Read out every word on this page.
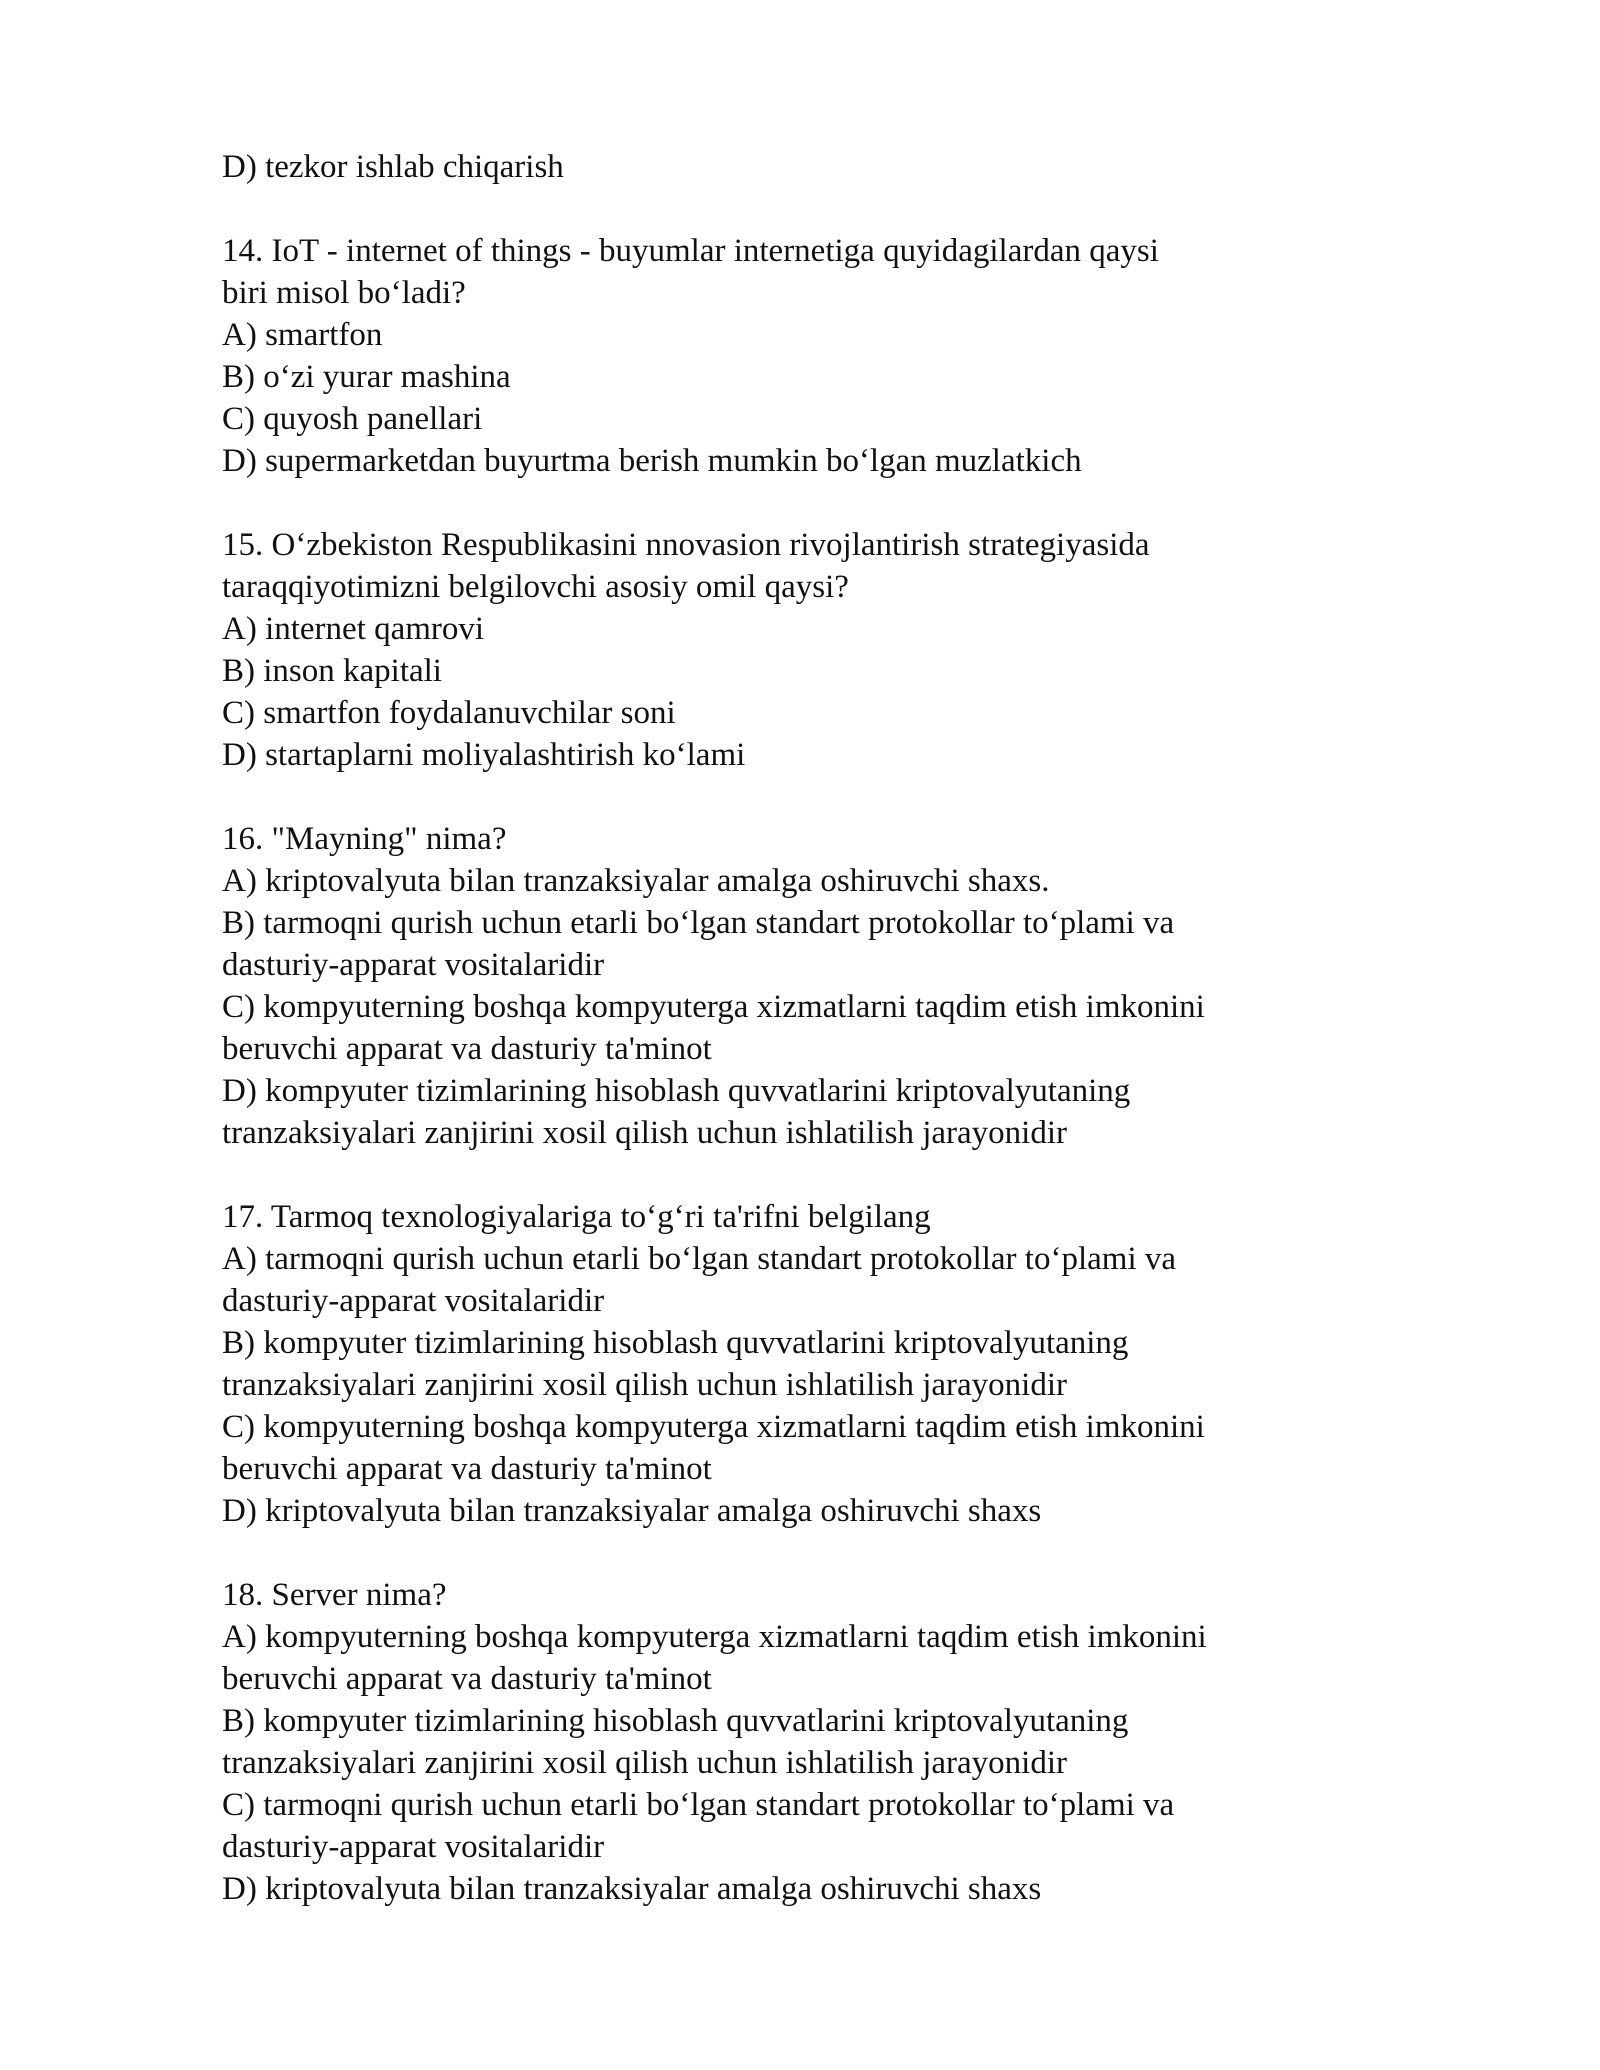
D) tezkor ishlab chiqarish
14. IoT - internet of things - buyumlar internetiga quyidagilardan qaysi
biri misol bo‘ladi?
A) smartfon
B) o‘zi yurar mashina
C) quyosh panellari
D) supermarketdan buyurtma berish mumkin bo‘lgan muzlatkich
15. O‘zbekiston Respublikasini nnovasion rivojlantirish strategiyasida
taraqqiyotimizni belgilovchi asosiy omil qaysi?
A) internet qamrovi
B) inson kapitali
C) smartfon foydalanuvchilar soni
D) startaplarni moliyalashtirish ko‘lami
16. "Mayning" nima?
A) kriptovalyuta bilan tranzaksiyalar amalga oshiruvchi shaxs.
B) tarmoqni qurish uchun etarli bo‘lgan standart protokollar to‘plami va
dasturiy-apparat vositalaridir
C) kompyuterning boshqa kompyuterga xizmatlarni taqdim etish imkonini
beruvchi apparat va dasturiy ta'minot
D) kompyuter tizimlarining hisoblash quvvatlarini kriptovalyutaning
tranzaksiyalari zanjirini xosil qilish uchun ishlatilish jarayonidir
17. Tarmoq texnologiyalariga to‘g‘ri ta'rifni belgilang
A) tarmoqni qurish uchun etarli bo‘lgan standart protokollar to‘plami va
dasturiy-apparat vositalaridir
B) kompyuter tizimlarining hisoblash quvvatlarini kriptovalyutaning
tranzaksiyalari zanjirini xosil qilish uchun ishlatilish jarayonidir
C) kompyuterning boshqa kompyuterga xizmatlarni taqdim etish imkonini
beruvchi apparat va dasturiy ta'minot
D) kriptovalyuta bilan tranzaksiyalar amalga oshiruvchi shaxs
18. Server nima?
A) kompyuterning boshqa kompyuterga xizmatlarni taqdim etish imkonini
beruvchi apparat va dasturiy ta'minot
B) kompyuter tizimlarining hisoblash quvvatlarini kriptovalyutaning
tranzaksiyalari zanjirini xosil qilish uchun ishlatilish jarayonidir
C) tarmoqni qurish uchun etarli bo‘lgan standart protokollar to‘plami va
dasturiy-apparat vositalaridir
D) kriptovalyuta bilan tranzaksiyalar amalga oshiruvchi shaxs
